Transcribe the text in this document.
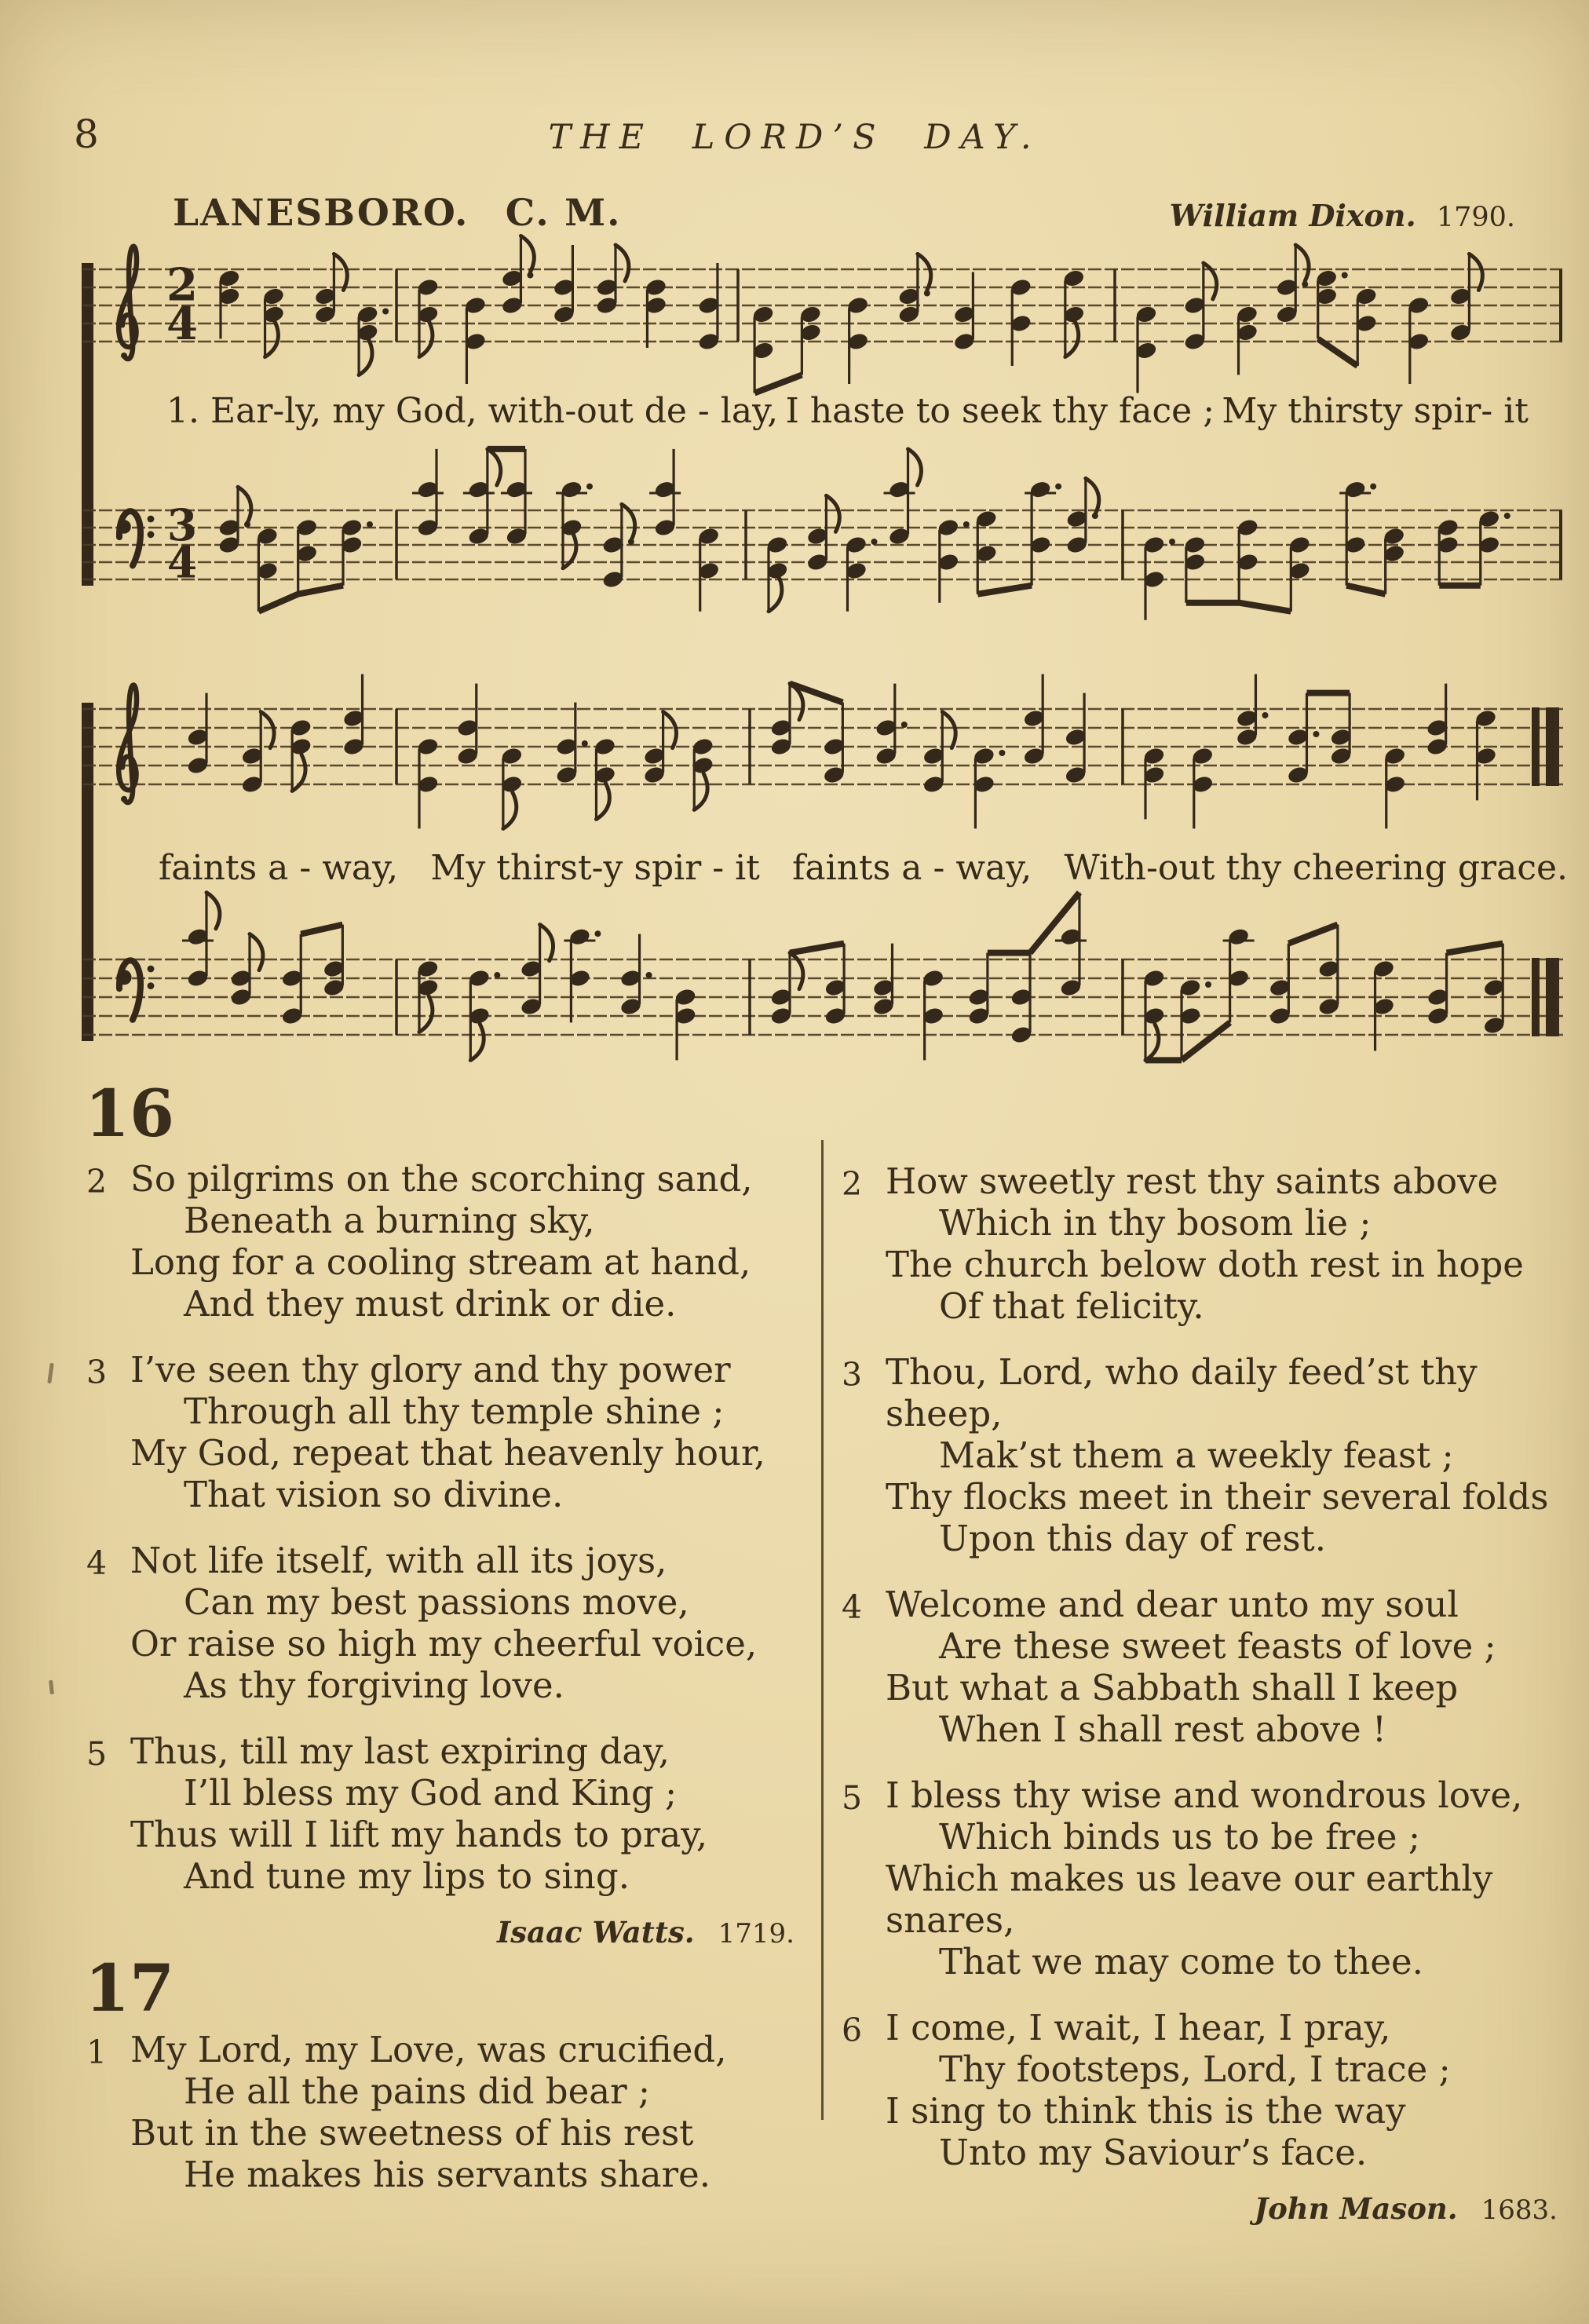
8	THE LORD’S DAY.
LANESBORO. C. M.	William Dixon. 1790.
2
4
3
4
1. Ear-ly, my God, with-out de - lay, I haste to seek thy face ; My thirsty spir- it
faints a - way, My thirst-y spir - it faints a - way, With-out thy cheering grace.
16
2 So pilgrims on the scorching sand,
Beneath a burning sky,
Long for a cooling stream at hand,
And they must drink or die.
3 I’ve seen thy glory and thy power
Through all thy temple shine ;
My God, repeat that heavenly hour,
That vision so divine.
4 Not life itself, with all its joys,
Can my best passions move,
Or raise so high my cheerful voice,
As thy forgiving love.
5 Thus, till my last expiring day,
I’ll bless my God and King ;
Thus will I lift my hands to pray,
And tune my lips to sing.
Isaac Watts. 1719.
17
1 My Lord, my Love, was crucified,
He all the pains did bear ;
But in the sweetness of his rest
He makes his servants share.
2 How sweetly rest thy saints above
Which in thy bosom lie ;
The church below doth rest in hope
Of that felicity.
3 Thou, Lord, who daily feed’st thy sheep,
Mak’st them a weekly feast ;
Thy flocks meet in their several folds
Upon this day of rest.
4 Welcome and dear unto my soul
Are these sweet feasts of love ;
But what a Sabbath shall I keep
When I shall rest above !
5 I bless thy wise and wondrous love,
Which binds us to be free ;
Which makes us leave our earthly snares,
That we may come to thee.
6 I come, I wait, I hear, I pray,
Thy footsteps, Lord, I trace ;
I sing to think this is the way
Unto my Saviour’s face.
John Mason. 1683.
